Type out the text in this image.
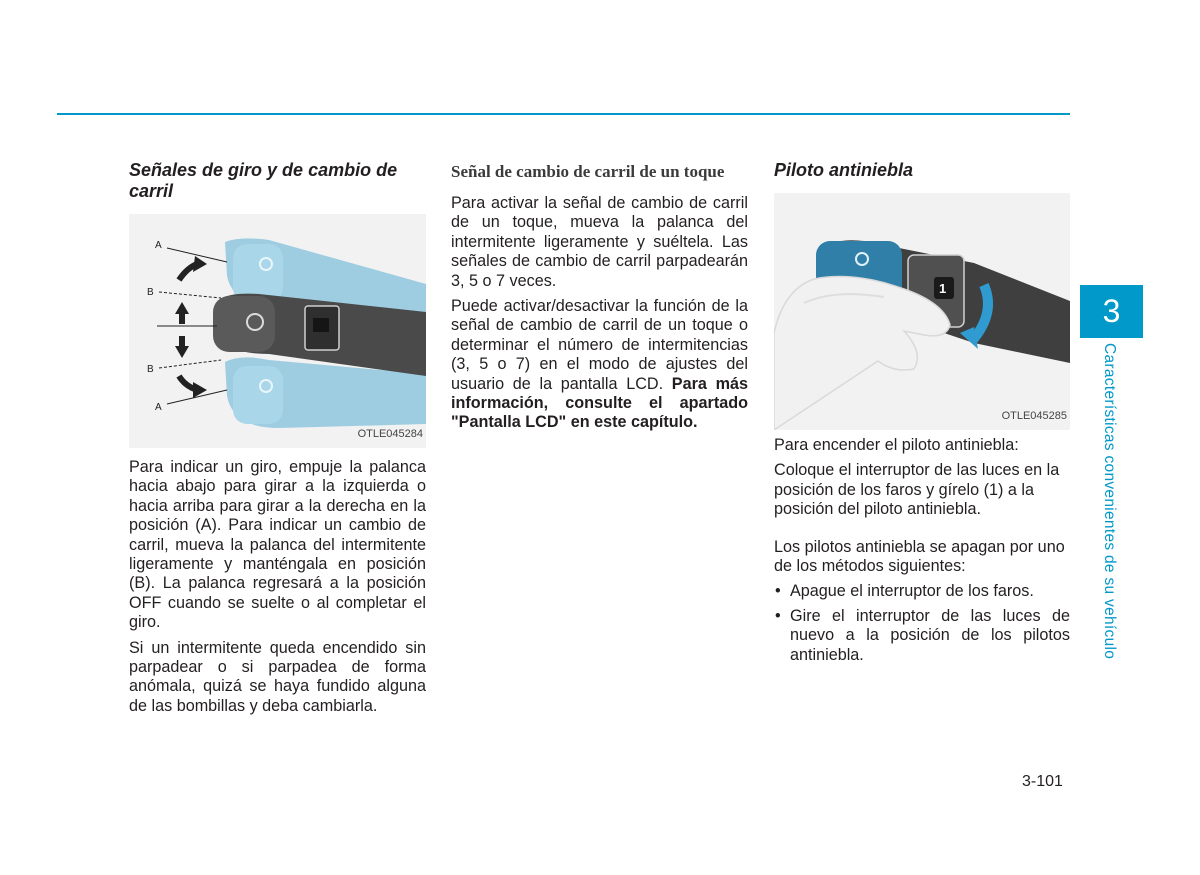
Señales de giro y de cambio de carril
A
B
B
A
OTLE045284

Para indicar un giro, empuje la palanca hacia abajo para girar a la izquierda o hacia arriba para girar a la derecha en la posición (A). Para indicar un cambio de carril, mueva la palanca del intermitente ligeramente y manténgala en posición (B). La palanca regresará a la posición OFF cuando se suelte o al completar el giro.

Si un intermitente queda encendido sin parpadear o si parpadea de forma anómala, quizá se haya fundido alguna de las bombillas y deba cambiarla.

Señal de cambio de carril de un toque

Para activar la señal de cambio de carril de un toque, mueva la palanca del intermitente ligeramente y suéltela. Las señales de cambio de carril parpadearán 3, 5 o 7 veces.

Puede activar/desactivar la función de la señal de cambio de carril de un toque o determinar el número de intermitencias (3, 5 o 7) en el modo de ajustes del usuario de la pantalla LCD. Para más información, consulte el apartado "Pantalla LCD" en este capítulo.

Piloto antiniebla
1
OTLE045285

Para encender el piloto antiniebla:

Coloque el interruptor de las luces en la posición de los faros y gírelo (1) a la posición del piloto antiniebla.

Los pilotos antiniebla se apagan por uno de los métodos siguientes:

• Apague el interruptor de los faros.
• Gire el interruptor de las luces de nuevo a la posición de los pilotos antiniebla.
3
Características convenientes de su vehículo
3-101
